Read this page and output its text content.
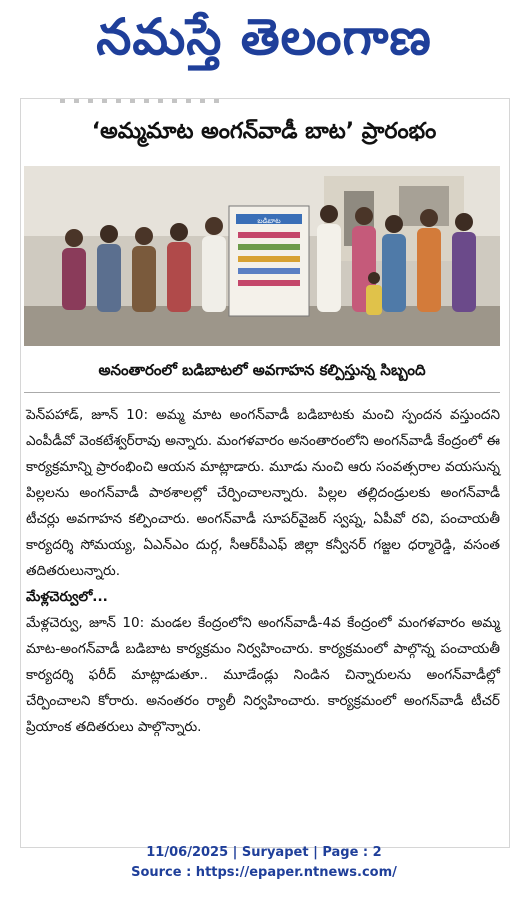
నమస్తే తెలంగాణ
‘అమ్మమాట అంగన్‌వాడీ బాట’ ప్రారంభం
బడిబాట
అనంతారంలో బడిబాటలో అవగాహన కల్పిస్తున్న సిబ్బంది

పెన్‌పహాడ్, జూన్ 10: అమ్మ మాట అంగన్‌వాడీ బడిబాటకు మంచి స్పందన వస్తుందని ఎంపీడీవో వెంకటేశ్వర్‌రావు అన్నారు. మంగళవారం అనంతారంలోని అంగన్‌వాడీ కేంద్రంలో ఈ కార్యక్రమాన్ని ప్రారంభించి ఆయన మాట్లాడారు. మూడు నుంచి ఆరు సంవత్సరాల వయసున్న పిల్లలను అంగన్‌వాడీ పాఠశాలల్లో చేర్పించాలన్నారు. పిల్లల తల్లిదండ్రులకు అంగన్‌వాడీ టీచర్లు అవగాహన కల్పించారు. అంగన్‌వాడీ సూపర్‌వైజర్ స్వప్న, ఏపీవో రవి, పంచాయతీ కార్యదర్శి సోమయ్య, ఏఎన్‌ఎం దుర్గ, సీఆర్‌పీఎఫ్ జిల్లా కన్వీనర్ గజ్జల ధర్మారెడ్డి, వసంత తదితరులున్నారు.

మేళ్లచెర్వులో...

మేళ్లచెర్వు, జూన్ 10: మండల కేంద్రంలోని అంగన్‌వాడీ-4వ కేంద్రంలో మంగళవారం అమ్మ మాట-అంగన్‌వాడీ బడిబాట కార్యక్రమం నిర్వహించారు. కార్యక్రమంలో పాల్గొన్న పంచాయతీ కార్యదర్శి ఫరీద్ మాట్లాడుతూ.. మూడేండ్లు నిండిన చిన్నారులను అంగన్‌వాడీల్లో చేర్పించాలని కోరారు. అనంతరం ర్యాలీ నిర్వహించారు. కార్యక్రమంలో అంగన్‌వాడీ టీచర్ ప్రియాంక తదితరులు పాల్గొన్నారు.

11/06/2025 | Suryapet | Page : 2
Source : https://epaper.ntnews.com/
